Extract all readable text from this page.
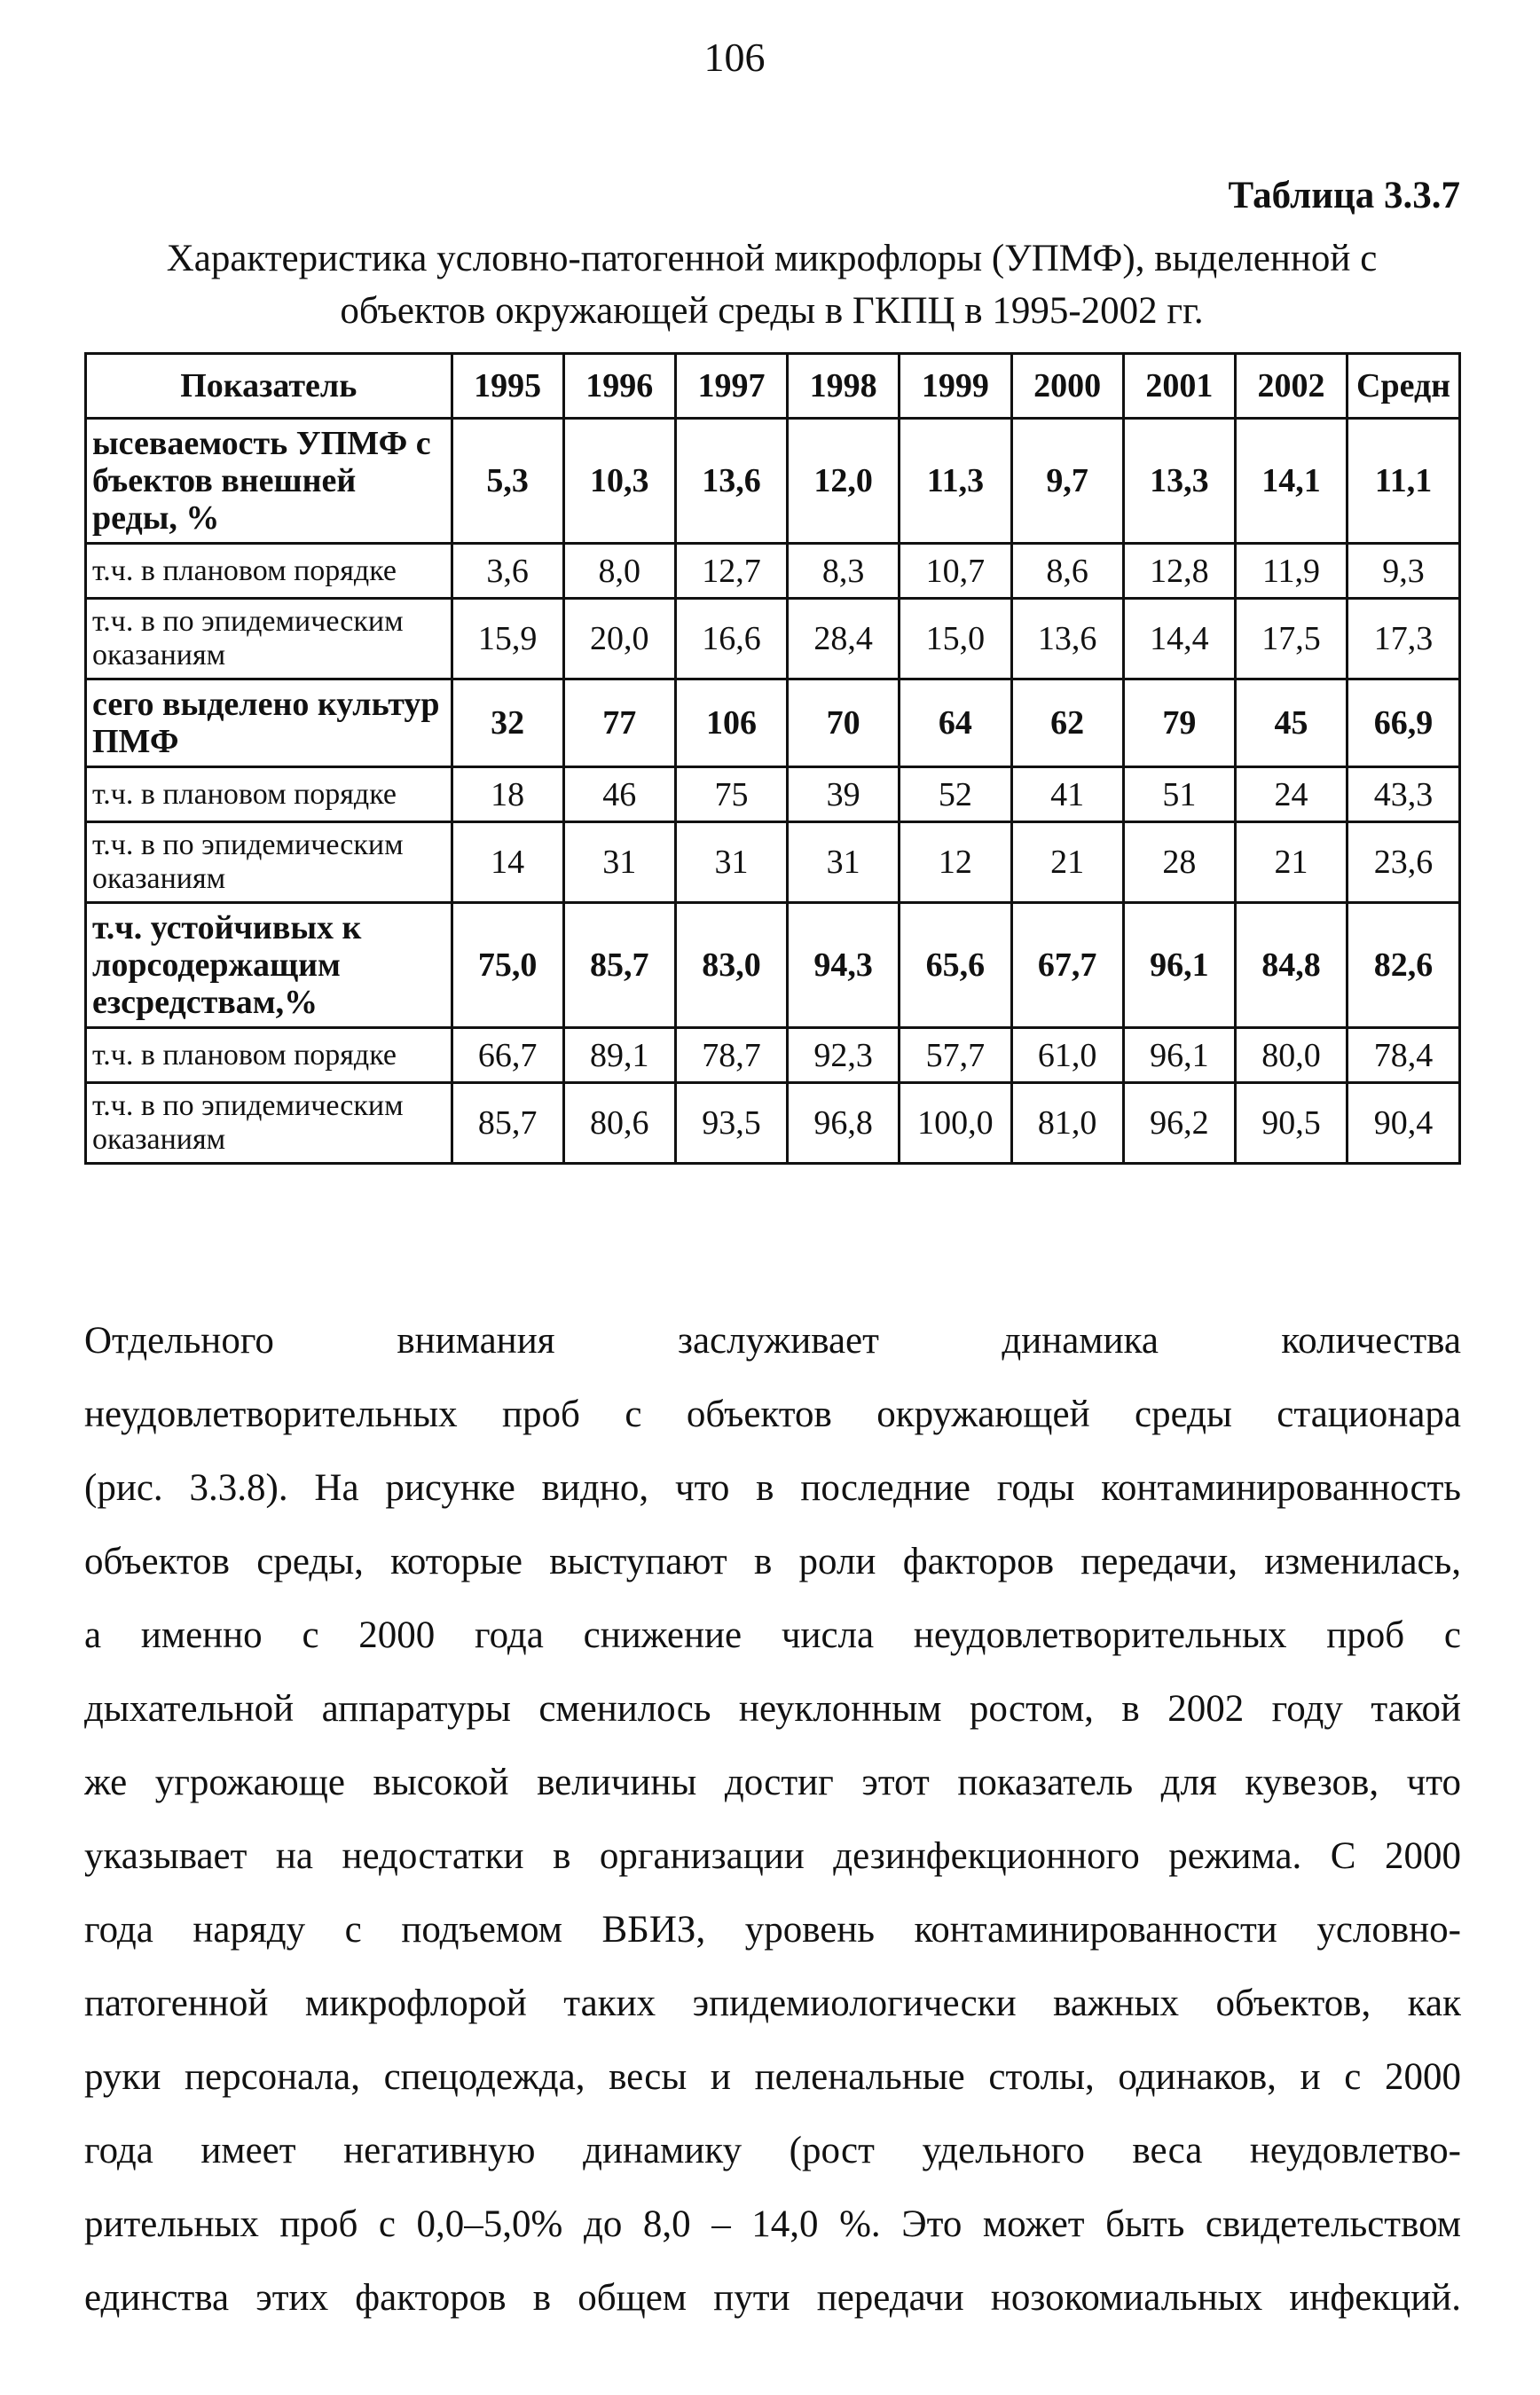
106
Таблица 3.3.7
Характеристика условно-патогенной микрофлоры (УПМФ), выделенной с
объектов окружающей среды в ГКПЦ в 1995-2002 гг.
Показатель	1995	1996	1997	1998	1999	2000	2001	2002	Средн
ысеваемость УПМФ с бъектов внешней реды, %	5,3	10,3	13,6	12,0	11,3	9,7	13,3	14,1	11,1
т.ч. в плановом порядке	3,6	8,0	12,7	8,3	10,7	8,6	12,8	11,9	9,3
т.ч. в по эпидемическим оказаниям	15,9	20,0	16,6	28,4	15,0	13,6	14,4	17,5	17,3
сего выделено культур ПМФ	32	77	106	70	64	62	79	45	66,9
т.ч. в плановом порядке	18	46	75	39	52	41	51	24	43,3
т.ч. в по эпидемическим оказаниям	14	31	31	31	12	21	28	21	23,6
т.ч. устойчивых к лорсодержащим езсредствам,%	75,0	85,7	83,0	94,3	65,6	67,7	96,1	84,8	82,6
т.ч. в плановом порядке	66,7	89,1	78,7	92,3	57,7	61,0	96,1	80,0	78,4
т.ч. в по эпидемическим оказаниям	85,7	80,6	93,5	96,8	100,0	81,0	96,2	90,5	90,4
Отдельного внимания заслуживает динамика количества
неудовлетворительных проб с объектов окружающей среды стационара
(рис. 3.3.8). На рисунке видно, что в последние годы контаминированность
объектов среды, которые выступают в роли факторов передачи, изменилась,
а именно с 2000 года снижение числа неудовлетворительных проб с
дыхательной аппаратуры сменилось неуклонным ростом, в 2002 году такой
же угрожающе высокой величины достиг этот показатель для кувезов, что
указывает на недостатки в организации дезинфекционного режима. С 2000
года наряду с подъемом ВБИЗ, уровень контаминированности условно-
патогенной микрофлорой таких эпидемиологически важных объектов, как
руки персонала, спецодежда, весы и пеленальные столы, одинаков, и с 2000
года имеет негативную динамику (рост удельного веса неудовлетво-
рительных проб с 0,0–5,0% до 8,0 – 14,0 %. Это может быть свидетельством
единства этих факторов в общем пути передачи нозокомиальных инфекций.
